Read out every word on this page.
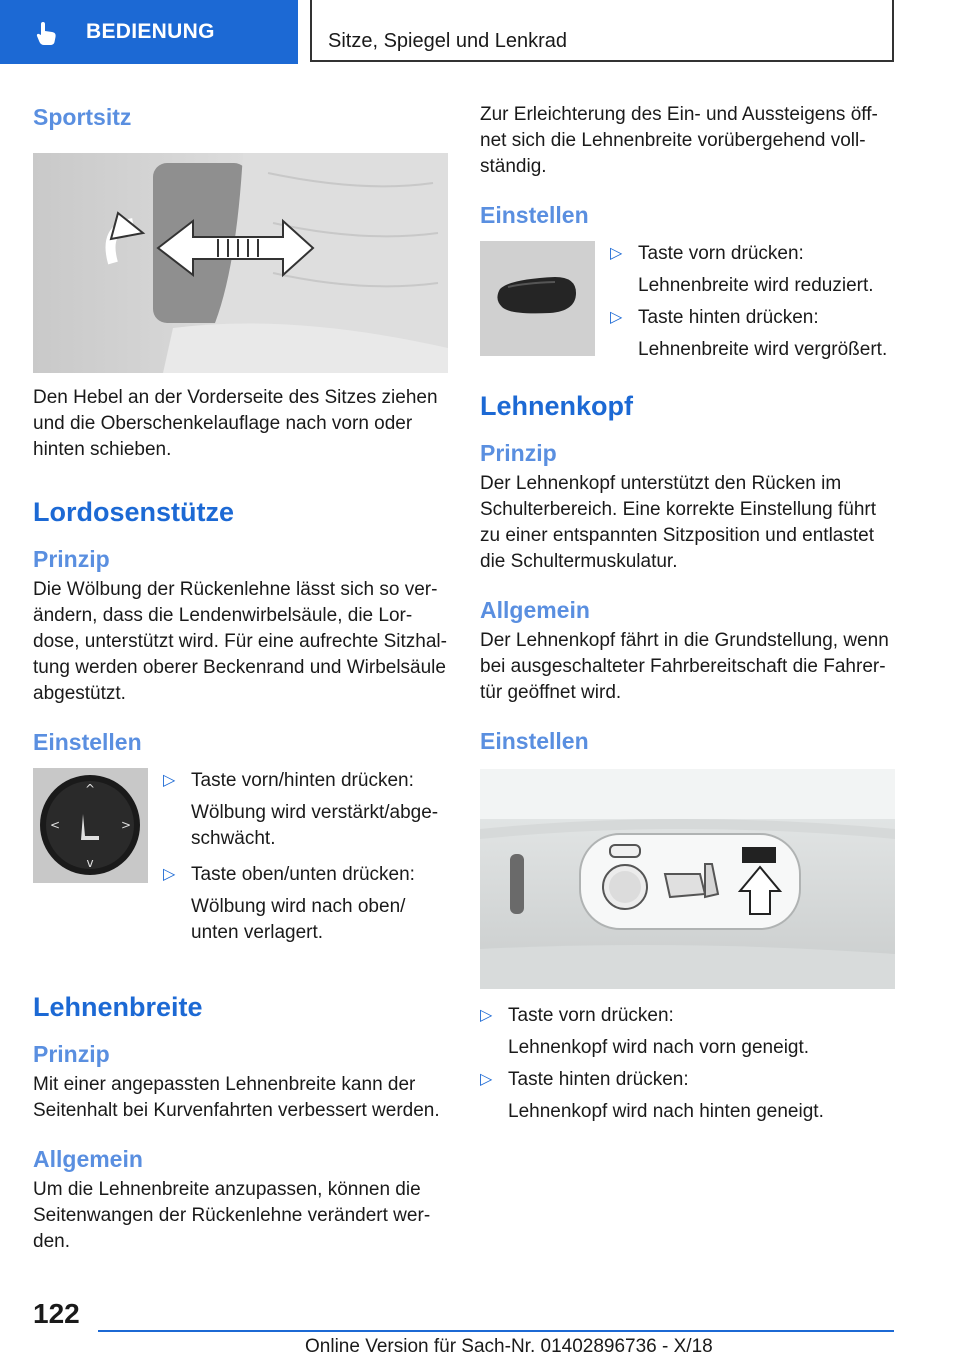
BEDIENUNG	Sitze, Spiegel und Lenkrad
Sportsitz

Den Hebel an der Vorderseite des Sitzes ziehen und die Oberschenkelauflage nach vorn oder hinten schieben.

Lordosenstütze
Prinzip

Die Wölbung der Rückenlehne lässt sich so verändern, dass die Lendenwirbelsäule, die Lordose, unterstützt wird. Für eine aufrechte Sitzhaltung werden oberer Beckenrand und Wirbelsäule abgestützt.

Einstellen
^
v
<	>
▷ Taste vorn/hinten drücken:
Wölbung wird verstärkt/abgeschwächt.
▷ Taste oben/unten drücken:
Wölbung wird nach oben/ unten verlagert.
Lehnenbreite
Prinzip

Mit einer angepassten Lehnenbreite kann der Seitenhalt bei Kurvenfahrten verbessert werden.

Allgemein

Um die Lehnenbreite anzupassen, können die Seitenwangen der Rückenlehne verändert werden.

Zur Erleichterung des Ein- und Aussteigens öffnet sich die Lehnenbreite vorübergehend vollständig.

Einstellen
▷ Taste vorn drücken:
Lehnenbreite wird reduziert.
▷ Taste hinten drücken:
Lehnenbreite wird vergrößert.
Lehnenkopf
Prinzip

Der Lehnenkopf unterstützt den Rücken im Schulterbereich. Eine korrekte Einstellung führt zu einer entspannten Sitzposition und entlastet die Schultermuskulatur.

Allgemein

Der Lehnenkopf fährt in die Grundstellung, wenn bei ausgeschalteter Fahrbereitschaft die Fahrertür geöffnet wird.

Einstellen
▷ Taste vorn drücken:
Lehnenkopf wird nach vorn geneigt.
▷ Taste hinten drücken:
Lehnenkopf wird nach hinten geneigt.
122
Online Version für Sach-Nr. 01402896736 - X/18
